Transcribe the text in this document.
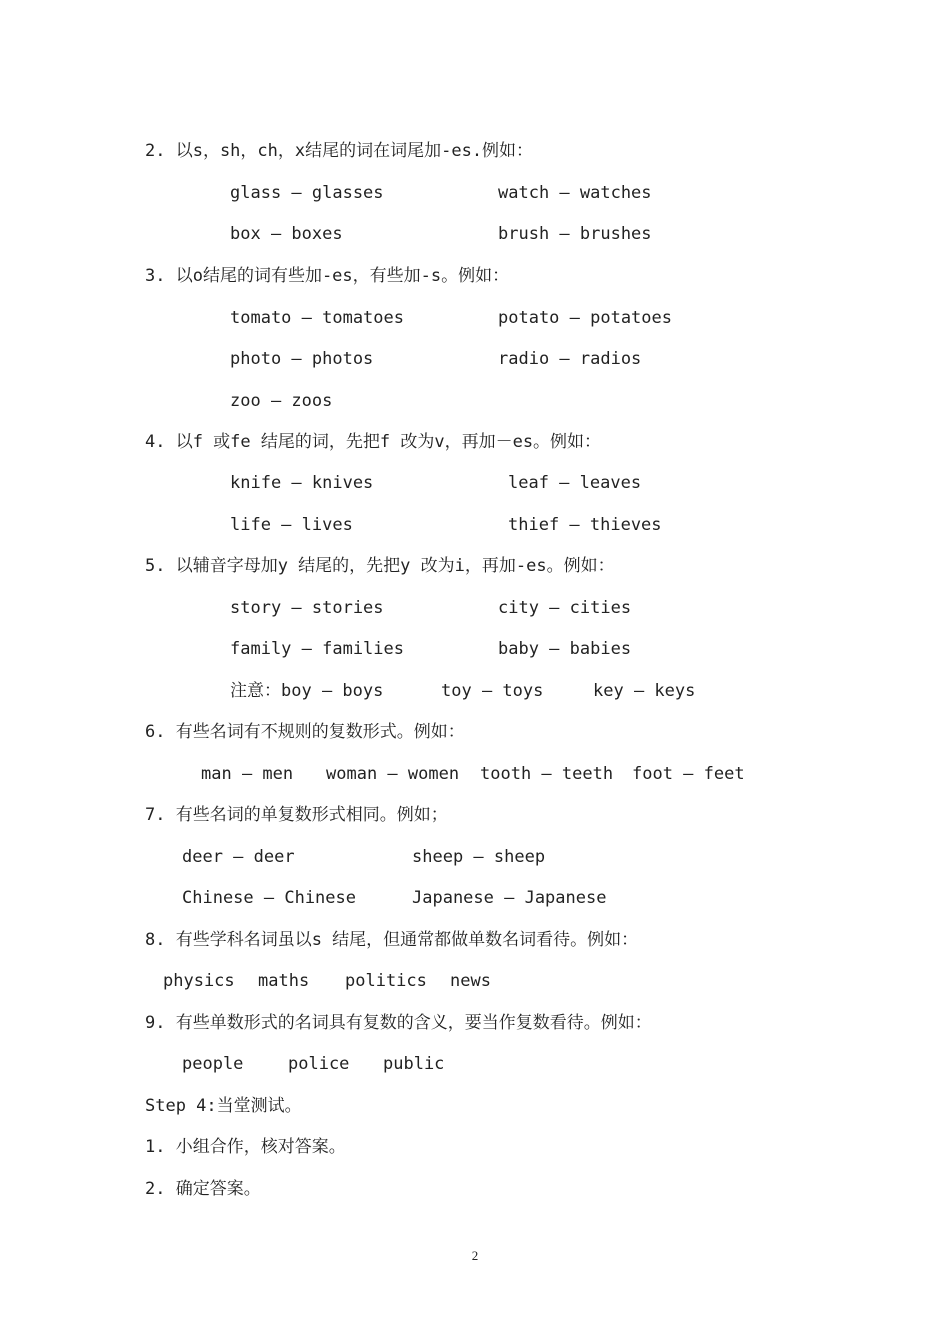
2. 以s，sh，ch，x结尾的词在词尾加-es.例如：
glass — glasses	watch — watches
box — boxes	brush — brushes
3. 以o结尾的词有些加-es，有些加-s。例如：
tomato — tomatoes	potato — potatoes
photo — photos	radio — radios
zoo — zoos
4. 以f 或fe 结尾的词，先把f 改为v，再加－es。例如：
knife — knives	leaf — leaves
life — lives	thief — thieves
5. 以辅音字母加y 结尾的，先把y 改为i，再加-es。例如：
story — stories	city — cities
family — families	baby — babies
注意：boy — boys	toy — toys	key — keys
6. 有些名词有不规则的复数形式。例如：
man — men woman — women tooth — teeth foot — feet
7. 有些名词的单复数形式相同。例如；
deer — deer	sheep — sheep
Chinese — Chinese	Japanese — Japanese
8. 有些学科名词虽以s 结尾，但通常都做单数名词看待。例如：
physics maths politics news
9. 有些单数形式的名词具有复数的含义，要当作复数看待。例如：
people	police public
Step 4:当堂测试。
1. 小组合作，核对答案。
2. 确定答案。
2
